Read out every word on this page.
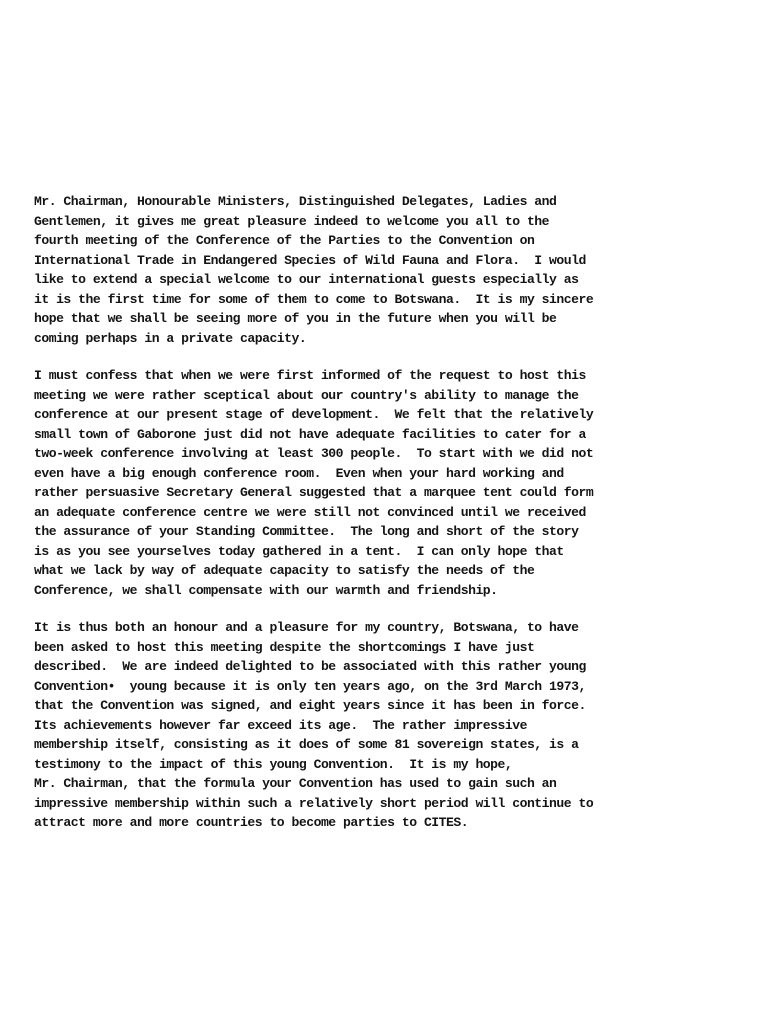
Mr. Chairman, Honourable Ministers, Distinguished Delegates, Ladies and
Gentlemen, it gives me great pleasure indeed to welcome you all to the
fourth meeting of the Conference of the Parties to the Convention on
International Trade in Endangered Species of Wild Fauna and Flora.  I would
like to extend a special welcome to our international guests especially as
it is the first time for some of them to come to Botswana.  It is my sincere
hope that we shall be seeing more of you in the future when you will be
coming perhaps in a private capacity.
I must confess that when we were first informed of the request to host this
meeting we were rather sceptical about our country's ability to manage the
conference at our present stage of development.  We felt that the relatively
small town of Gaborone just did not have adequate facilities to cater for a
two-week conference involving at least 300 people.  To start with we did not
even have a big enough conference room.  Even when your hard working and
rather persuasive Secretary General suggested that a marquee tent could form
an adequate conference centre we were still not convinced until we received
the assurance of your Standing Committee.  The long and short of the story
is as you see yourselves today gathered in a tent.  I can only hope that
what we lack by way of adequate capacity to satisfy the needs of the
Conference, we shall compensate with our warmth and friendship.
It is thus both an honour and a pleasure for my country, Botswana, to have
been asked to host this meeting despite the shortcomings I have just
described.  We are indeed delighted to be associated with this rather young
Convention•  young because it is only ten years ago, on the 3rd March 1973,
that the Convention was signed, and eight years since it has been in force.
Its achievements however far exceed its age.  The rather impressive
membership itself, consisting as it does of some 81 sovereign states, is a
testimony to the impact of this young Convention.  It is my hope,
Mr. Chairman, that the formula your Convention has used to gain such an
impressive membership within such a relatively short period will continue to
attract more and more countries to become parties to CITES.
